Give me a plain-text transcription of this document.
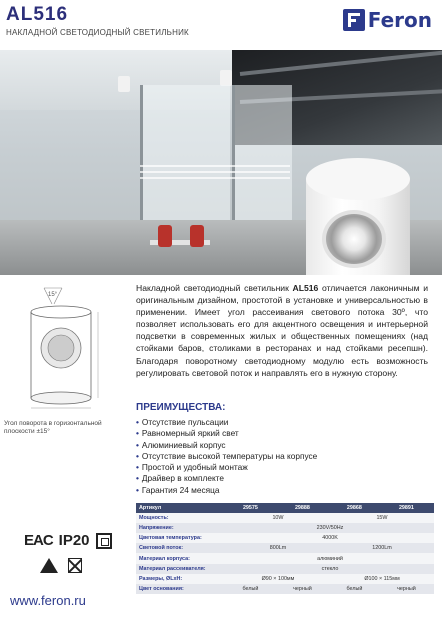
AL516
НАКЛАДНОЙ СВЕТОДИОДНЫЙ СВЕТИЛЬНИК
Feron
15°
Угол поворота в горизонтальной плоскости ±15°

Накладной светодиодный светильник AL516 отличается лаконичным и оригинальным дизайном, простотой в установке и универсальностью в применении. Имеет угол рассеивания светового потока 30º, что позволяет использовать его для акцентного освещения и интерьерной подсветки в современных жилых и общественных помещениях (над стойками баров, столиками в ресторанах и над стойками ресепшн). Благодаря поворотному светодиодному модулю есть возможность регулировать световой поток и направлять его в нужную сторону.

ПРЕИМУЩЕСТВА:
• Отсутствие пульсации
• Равномерный яркий свет
• Алюминиевый корпус
• Отсутствие высокой температуры на корпусе
• Простой и удобный монтаж
• Драйвер в комплекте
• Гарантия 24 месяца
Артикул	29575	29888	29868	29891
Мощность:	10W		15W	
Напряжение:	230V/50Hz			
Цветовая температура:	4000K			
Световой поток:	800Lm		1200Lm	
Материал корпуса:	алюминий			
Материал рассеивателя:	стекло			
Размеры, ØLxH:	Ø90 × 100мм		Ø100 × 115мм	
Цвет основания:	белый	черный	белый	черный
EAC IP20
www.feron.ru
